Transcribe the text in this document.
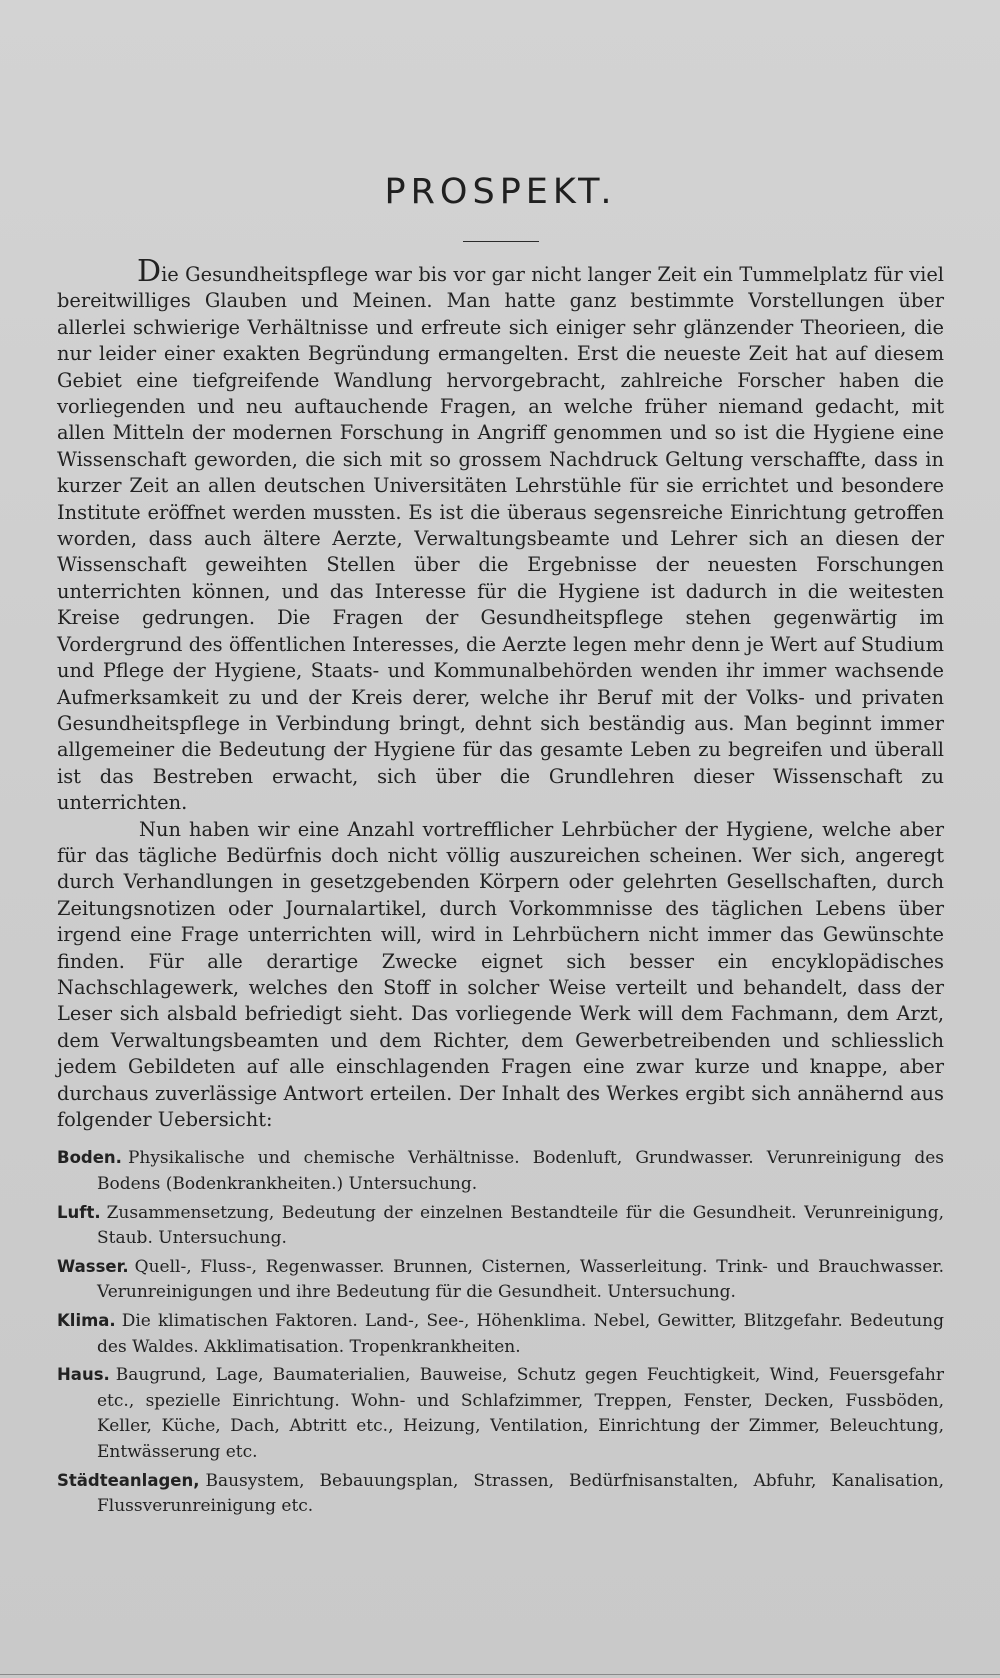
PROSPEKT.

Die Gesundheitspflege war bis vor gar nicht langer Zeit ein Tummelplatz für viel bereitwilliges Glauben und Meinen. Man hatte ganz bestimmte Vorstellungen über allerlei schwierige Verhältnisse und erfreute sich einiger sehr glänzender Theorieen, die nur leider einer exakten Begründung ermangelten. Erst die neueste Zeit hat auf diesem Gebiet eine tiefgreifende Wandlung hervorgebracht, zahlreiche Forscher haben die vorliegenden und neu auftauchende Fragen, an welche früher niemand gedacht, mit allen Mitteln der modernen Forschung in Angriff genommen und so ist die Hygiene eine Wissenschaft geworden, die sich mit so grossem Nachdruck Geltung verschaffte, dass in kurzer Zeit an allen deutschen Universitäten Lehrstühle für sie errichtet und besondere Institute eröffnet werden mussten. Es ist die überaus segensreiche Einrichtung getroffen worden, dass auch ältere Aerzte, Verwaltungsbeamte und Lehrer sich an diesen der Wissenschaft geweihten Stellen über die Ergebnisse der neuesten Forschungen unterrichten können, und das Interesse für die Hygiene ist dadurch in die weitesten Kreise gedrungen. Die Fragen der Gesundheitspflege stehen gegenwärtig im Vordergrund des öffentlichen Interesses, die Aerzte legen mehr denn je Wert auf Studium und Pflege der Hygiene, Staats- und Kommunalbehörden wenden ihr immer wachsende Aufmerksamkeit zu und der Kreis derer, welche ihr Beruf mit der Volks- und privaten Gesundheitspflege in Verbindung bringt, dehnt sich beständig aus. Man beginnt immer allgemeiner die Bedeutung der Hygiene für das gesamte Leben zu begreifen und überall ist das Bestreben erwacht, sich über die Grundlehren dieser Wissenschaft zu unterrichten.

Nun haben wir eine Anzahl vortrefflicher Lehrbücher der Hygiene, welche aber für das tägliche Bedürfnis doch nicht völlig auszureichen scheinen. Wer sich, angeregt durch Verhandlungen in gesetzgebenden Körpern oder gelehrten Gesellschaften, durch Zeitungsnotizen oder Journalartikel, durch Vorkommnisse des täglichen Lebens über irgend eine Frage unterrichten will, wird in Lehrbüchern nicht immer das Gewünschte finden. Für alle derartige Zwecke eignet sich besser ein encyklopädisches Nachschlagewerk, welches den Stoff in solcher Weise verteilt und behandelt, dass der Leser sich alsbald befriedigt sieht. Das vorliegende Werk will dem Fachmann, dem Arzt, dem Verwaltungsbeamten und dem Richter, dem Gewerbetreibenden und schliesslich jedem Gebildeten auf alle einschlagenden Fragen eine zwar kurze und knappe, aber durchaus zuverlässige Antwort erteilen. Der Inhalt des Werkes ergibt sich annähernd aus folgender Uebersicht:

Boden. Physikalische und chemische Verhältnisse. Bodenluft, Grundwasser. Verunreinigung des Bodens (Bodenkrankheiten.) Untersuchung.

Luft. Zusammensetzung, Bedeutung der einzelnen Bestandteile für die Gesundheit. Verunreinigung, Staub. Untersuchung.

Wasser. Quell-, Fluss-, Regenwasser. Brunnen, Cisternen, Wasserleitung. Trink- und Brauchwasser. Verunreinigungen und ihre Bedeutung für die Gesundheit. Untersuchung.

Klima. Die klimatischen Faktoren. Land-, See-, Höhenklima. Nebel, Gewitter, Blitzgefahr. Bedeutung des Waldes. Akklimatisation. Tropenkrankheiten.

Haus. Baugrund, Lage, Baumaterialien, Bauweise, Schutz gegen Feuchtigkeit, Wind, Feuersgefahr etc., spezielle Einrichtung. Wohn- und Schlafzimmer, Treppen, Fenster, Decken, Fussböden, Keller, Küche, Dach, Abtritt etc., Heizung, Ventilation, Einrichtung der Zimmer, Beleuchtung, Entwässerung etc.

Städteanlagen, Bausystem, Bebauungsplan, Strassen, Bedürfnisanstalten, Abfuhr, Kanalisation, Flussverunreinigung etc.
